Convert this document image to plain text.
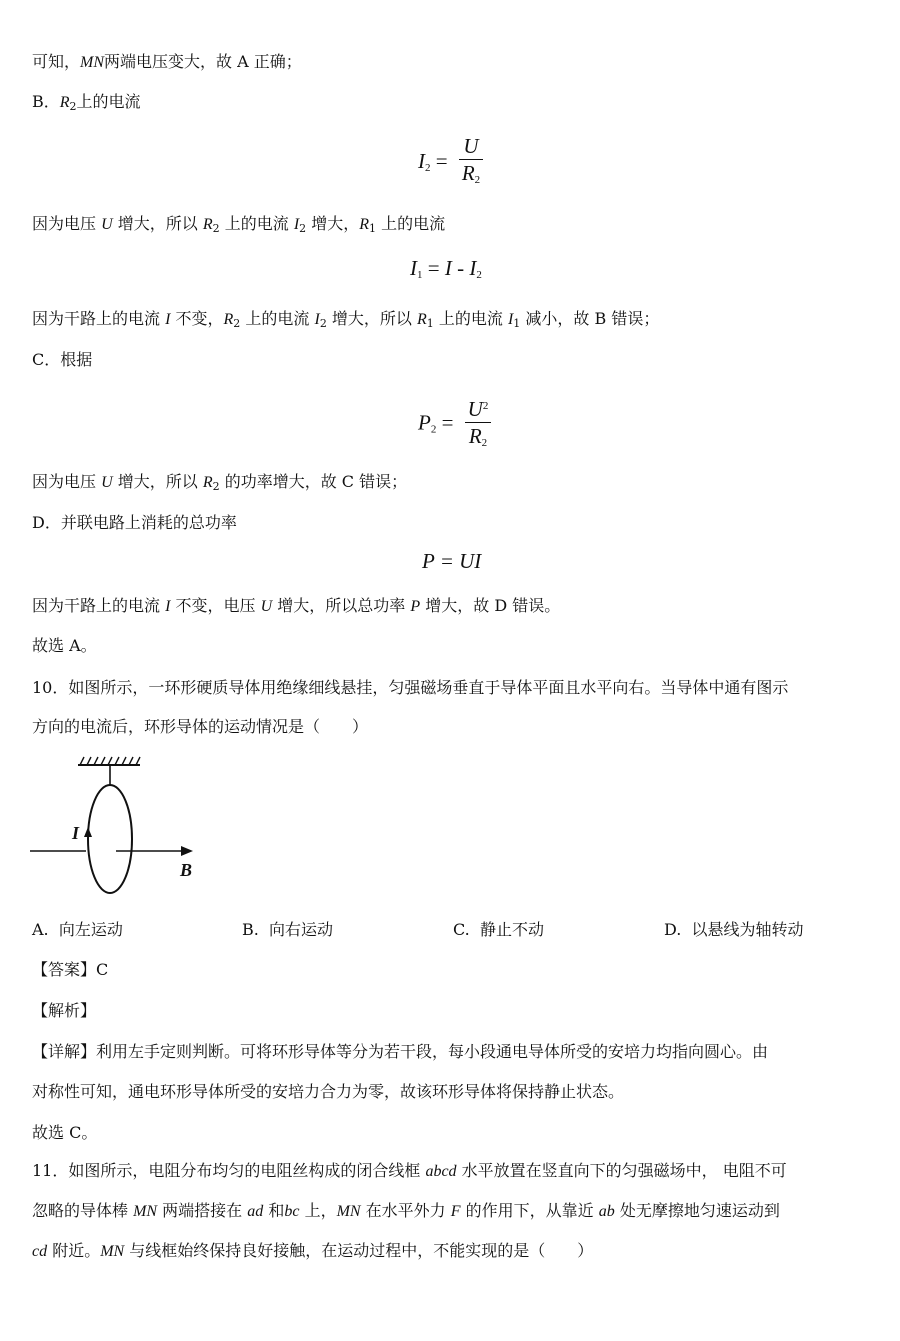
可知，MN两端电压变大，故 A 正确；
B．$R_2$上的电流
$I_2 = \frac{U}{R_2}$
因为电压 U 增大，所以 $R_2$ 上的电流 $I_2$ 增大，$R_1$ 上的电流
$I_1 = I - I_2$
因为干路上的电流 I 不变，$R_2$ 上的电流 $I_2$ 增大，所以 $R_1$ 上的电流 $I_1$ 减小，故 B 错误；
C．根据
$P_2 = \frac{U^2}{R_2}$
因为电压 U 增大，所以 $R_2$ 的功率增大，故 C 错误；
D．并联电路上消耗的总功率
P = UI
因为干路上的电流 I 不变，电压 U 增大，所以总功率 P 增大，故 D 错误。
故选 A。
10．如图所示，一环形硬质导体用绝缘细线悬挂，匀强磁场垂直于导体平面且水平向右。当导体中通有图示
方向的电流后，环形导体的运动情况是（　　）
I
B
A. 向左运动	B. 向右运动	C. 静止不动	D. 以悬线为轴转动
【答案】C
【解析】
【详解】利用左手定则判断。可将环形导体等分为若干段，每小段通电导体所受的安培力均指向圆心。由
对称性可知，通电环形导体所受的安培力合力为零，故该环形导体将保持静止状态。
故选 C。
11．如图所示，电阻分布均匀的电阻丝构成的闭合线框 abcd 水平放置在竖直向下的匀强磁场中， 电阻不可
忽略的导体棒 MN 两端搭接在 ad 和bc 上，MN 在水平外力 F 的作用下，从靠近 ab 处无摩擦地匀速运动到
cd 附近。MN 与线框始终保持良好接触，在运动过程中，不能实现的是（　　）
